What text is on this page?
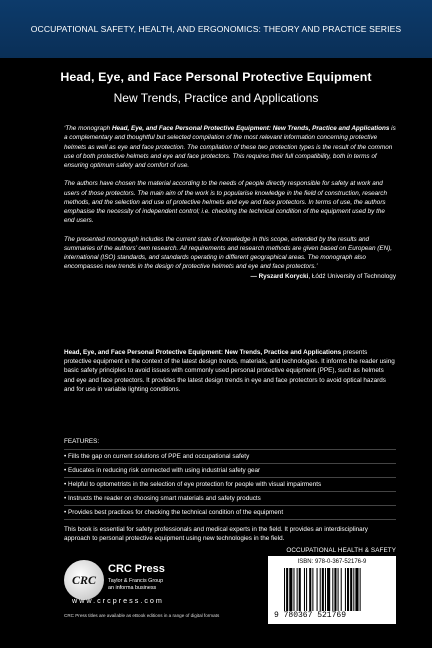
OCCUPATIONAL SAFETY, HEALTH, AND ERGONOMICS: THEORY AND PRACTICE SERIES
Head, Eye, and Face Personal Protective Equipment
New Trends, Practice and Applications

‘The monograph Head, Eye, and Face Personal Protective Equipment: New Trends, Practice and Applications is a complementary and thoughtful but selected compilation of the most relevant information concerning protective helmets as well as eye and face protection. The compilation of these two protection types is the result of the common use of both protective helmets and eye and face protectors. This requires their full compatibility, both in terms of ensuring optimum safety and comfort of use.

The authors have chosen the material according to the needs of people directly responsible for safety at work and users of those protectors. The main aim of the work is to popularise knowledge in the field of construction, research methods, and the selection and use of protective helmets and eye and face protectors. In terms of use, the authors emphasise the necessity of independent control; i.e. checking the technical condition of the equipment used by the end users.

The presented monograph includes the current state of knowledge in this scope, extended by the results and summaries of the authors’ own research. All requirements and research methods are given based on European (EN), international (ISO) standards, and standards operating in different geographical areas. The monograph also encompasses new trends in the design of protective helmets and eye and face protectors.’

— Ryszard Korycki, Łódź University of Technology
Head, Eye, and Face Personal Protective Equipment: New Trends, Practice and Applications presents protective equipment in the context of the latest design trends, materials, and technologies. It informs the reader using basic safety principles to avoid issues with commonly used personal protective equipment (PPE), such as helmets and eye and face protectors. It provides the latest design trends in eye and face protectors to avoid optical hazards and for use in variable lighting conditions.
FEATURES:
• Fills the gap on current solutions of PPE and occupational safety
• Educates in reducing risk connected with using industrial safety gear
• Helpful to optometrists in the selection of eye protection for people with visual impairments
• Instructs the reader on choosing smart materials and safety products
• Provides best practices for checking the technical condition of the equipment
This book is essential for safety professionals and medical experts in the field. It provides an interdisciplinary approach to personal protective equipment using new technologies in the field.
OCCUPATIONAL HEALTH & SAFETY
CRC
CRC Press
Taylor & Francis Group
an informa business
www.crcpress.com
CRC Press titles are available as eBook editions in a range of digital formats
ISBN: 978-0-367-52176-9
9 780367 521769
